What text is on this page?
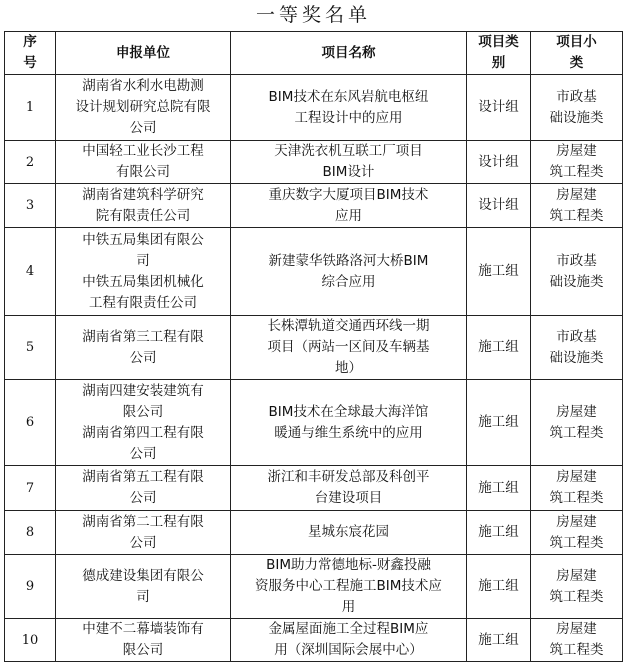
一等奖名单
序
号	申报单位	项目名称	项目类
别	项目小
类

1	湖南省水利水电勘测
设计规划研究总院有限
公司	BIM技术在东风岩航电枢纽
工程设计中的应用	设计组	市政基
础设施类

2	中国轻工业长沙工程
有限公司	天津洗衣机互联工厂项目
BIM设计	设计组	房屋建
筑工程类

3	湖南省建筑科学研究
院有限责任公司	重庆数字大厦项目BIM技术
应用	设计组	房屋建
筑工程类

4	中铁五局集团有限公
司
中铁五局集团机械化
工程有限责任公司	新建蒙华铁路洛河大桥BIM
综合应用	施工组	市政基
础设施类

5	湖南省第三工程有限
公司	长株潭轨道交通西环线一期
项目（两站一区间及车辆基
地）	施工组	市政基
础设施类

6	湖南四建安装建筑有
限公司
湖南省第四工程有限
公司	BIM技术在全球最大海洋馆
暖通与维生系统中的应用	施工组	房屋建
筑工程类

7	湖南省第五工程有限
公司	浙江和丰研发总部及科创平
台建设项目	施工组	房屋建
筑工程类

8	湖南省第二工程有限
公司	星城东宸花园	施工组	房屋建
筑工程类

9	德成建设集团有限公
司	BIM助力常德地标-财鑫投融
资服务中心工程施工BIM技术应
用	施工组	房屋建
筑工程类

10	中建不二幕墙装饰有
限公司	金属屋面施工全过程BIM应
用（深圳国际会展中心）	施工组	房屋建
筑工程类
